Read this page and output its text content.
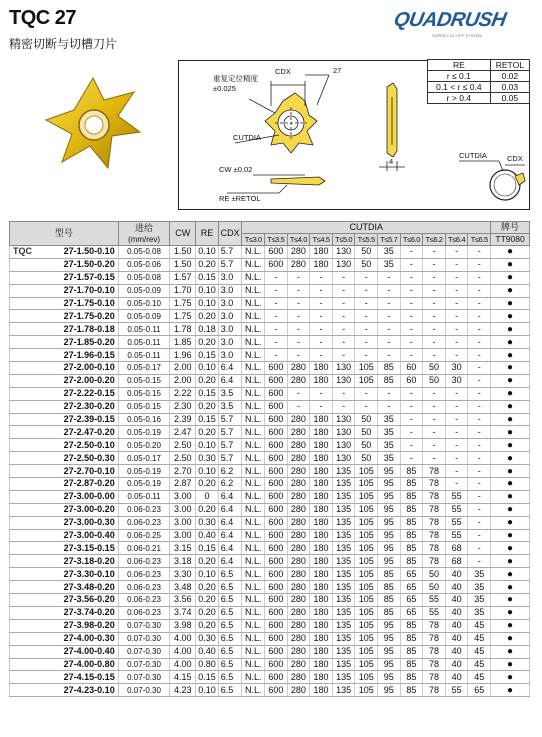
TQC 27
精密切断与切槽刀片
QUADRUSH
SUPER CUT-OFF SYSTEM
CDX	27
重复定位精度
±0.025
CUTDIA
CW ±0.02
RE ±RETOL
4
CUTDIA	CDX
RE	RETOL
r ≤ 0.1	0.02
0.1 < r ≤ 0.4	0.03
r > 0.4	0.05
型号	进给
(mm/rev)	CW	RE	CDX	CUTDIA											牌号
					T≤3.0	T≤3.5	T≤4.0	T≤4.5	T≤5.0	T≤5.5	T≤5.7	T≤6.0	T≤6.2	T≤6.4	T≤6.5	TT9080

TQC 27-1.50-0.10	0.05-0.08	1.50	0.10	5.7	N.L.	600	280	180	130	50	35	-	-	-	-	●
27-1.50-0.20	0.05-0.06	1.50	0.20	5.7	N.L.	600	280	180	130	50	35	-	-	-	-	●
27-1.57-0.15	0.05-0.08	1.57	0.15	3.0	N.L.	-	-	-	-	-	-	-	-	-	-	●
27-1.70-0.10	0.05-0.09	1.70	0.10	3.0	N.L.	-	-	-	-	-	-	-	-	-	-	●
27-1.75-0.10	0.05-0.10	1.75	0.10	3.0	N.L.	-	-	-	-	-	-	-	-	-	-	●
27-1.75-0.20	0.05-0.09	1.75	0.20	3.0	N.L.	-	-	-	-	-	-	-	-	-	-	●
27-1.78-0.18	0.05-0.11	1.78	0.18	3.0	N.L.	-	-	-	-	-	-	-	-	-	-	●
27-1.85-0.20	0.05-0.11	1.85	0.20	3.0	N.L.	-	-	-	-	-	-	-	-	-	-	●
27-1.96-0.15	0.05-0.11	1.96	0.15	3.0	N.L.	-	-	-	-	-	-	-	-	-	-	●
27-2.00-0.10	0.05-0.17	2.00	0.10	6.4	N.L.	600	280	180	130	105	85	60	50	30	-	●
27-2.00-0.20	0.05-0.15	2.00	0.20	6.4	N.L.	600	280	180	130	105	85	60	50	30	-	●
27-2.22-0.15	0.05-0.15	2.22	0.15	3.5	N.L.	600	-	-	-	-	-	-	-	-	-	●
27-2.30-0.20	0.05-0.15	2.30	0.20	3.5	N.L.	600	-	-	-	-	-	-	-	-	-	●
27-2.39-0.15	0.05-0.16	2.39	0.15	5.7	N.L.	600	280	180	130	50	35	-	-	-	-	●
27-2.47-0.20	0.05-0.19	2.47	0.20	5.7	N.L.	600	280	180	130	50	35	-	-	-	-	●
27-2.50-0.10	0.05-0.20	2.50	0.10	5.7	N.L.	600	280	180	130	50	35	-	-	-	-	●
27-2.50-0.30	0.05-0.17	2.50	0.30	5.7	N.L.	600	280	180	130	50	35	-	-	-	-	●
27-2.70-0.10	0.05-0.19	2.70	0.10	6.2	N.L.	600	280	180	135	105	95	85	78	-	-	●
27-2.87-0.20	0.05-0.19	2.87	0.20	6.2	N.L.	600	280	180	135	105	95	85	78	-	-	●
27-3.00-0.00	0.05-0.11	3.00	0	6.4	N.L.	600	280	180	135	105	95	85	78	55	-	●
27-3.00-0.20	0.06-0.23	3.00	0.20	6.4	N.L.	600	280	180	135	105	95	85	78	55	-	●
27-3.00-0.30	0.06-0.23	3.00	0.30	6.4	N.L.	600	280	180	135	105	95	85	78	55	-	●
27-3.00-0.40	0.06-0.25	3.00	0.40	6.4	N.L.	600	280	180	135	105	95	85	78	55	-	●
27-3.15-0.15	0.06-0.21	3.15	0.15	6.4	N.L.	600	280	180	135	105	95	85	78	68	-	●
27-3.18-0.20	0.06-0.23	3.18	0.20	6.4	N.L.	600	280	180	135	105	95	85	78	68	-	●
27-3.30-0.10	0.06-0.23	3.30	0.10	6.5	N.L.	600	280	180	135	105	85	65	50	40	35	●
27-3.48-0.20	0.06-0.23	3.48	0.20	6.5	N.L.	600	280	180	135	105	85	65	50	40	35	●
27-3.56-0.20	0.06-0.23	3.56	0.20	6.5	N.L.	600	280	180	135	105	85	65	55	40	35	●
27-3.74-0.20	0.06-0.23	3.74	0.20	6.5	N.L.	600	280	180	135	105	85	65	55	40	35	●
27-3.98-0.20	0.07-0.30	3.98	0.20	6.5	N.L.	600	280	180	135	105	95	85	78	40	45	●
27-4.00-0.30	0.07-0.30	4.00	0.30	6.5	N.L.	600	280	180	135	105	95	85	78	40	45	●
27-4.00-0.40	0.07-0.30	4.00	0.40	6.5	N.L.	600	280	180	135	105	95	85	78	40	45	●
27-4.00-0.80	0.07-0.30	4.00	0.80	6.5	N.L.	600	280	180	135	105	95	85	78	40	45	●
27-4.15-0.15	0.07-0.30	4.15	0.15	6.5	N.L.	600	280	180	135	105	95	85	78	40	45	●
27-4.23-0.10	0.07-0.30	4.23	0.10	6.5	N.L.	600	280	180	135	105	95	85	78	55	65	●
